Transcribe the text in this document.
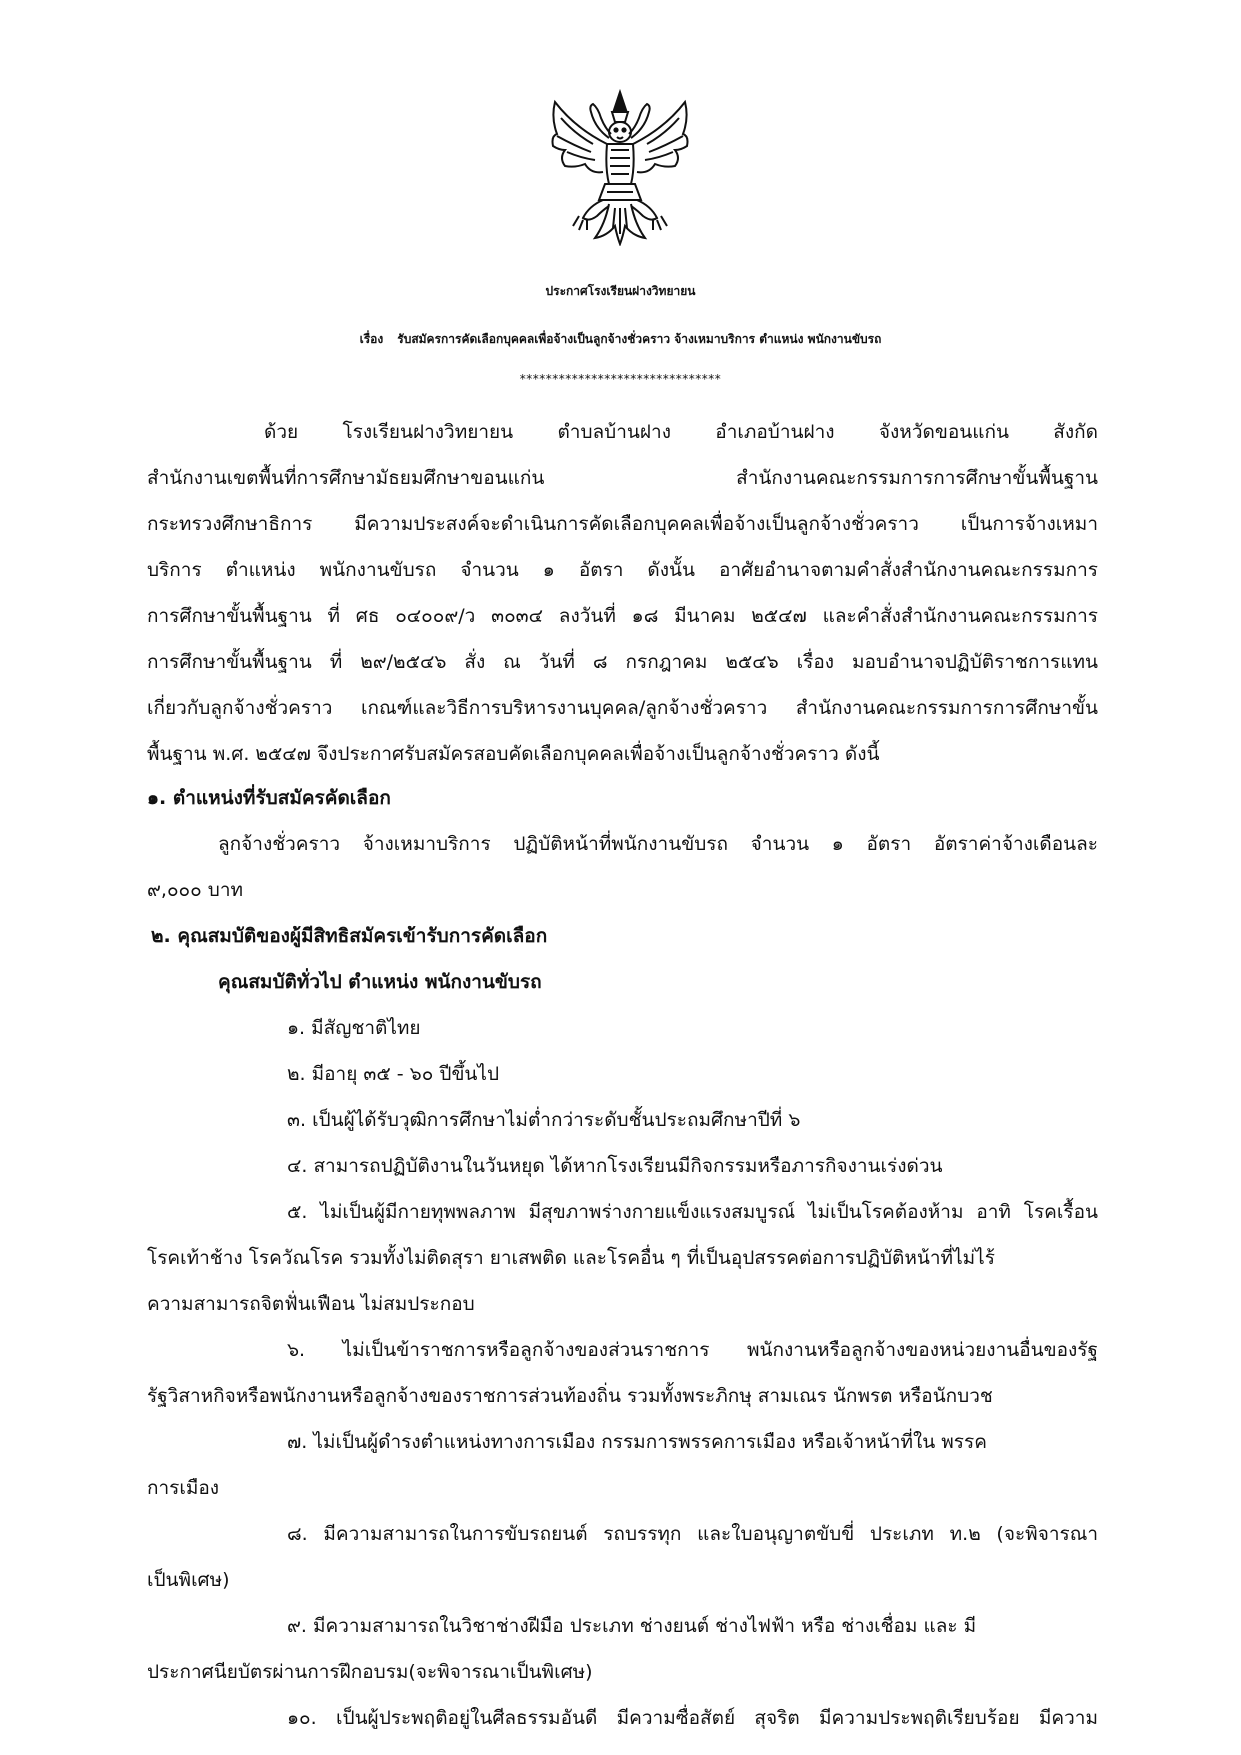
ประกาศโรงเรียนฝางวิทยายน
เรื่อง รับสมัครการคัดเลือกบุคคลเพื่อจ้างเป็นลูกจ้างชั่วคราว จ้างเหมาบริการ ตำแหน่ง พนักงานขับรถ
*******************************
ด้วย โรงเรียนฝางวิทยายน ตำบลบ้านฝาง อำเภอบ้านฝาง จังหวัดขอนแก่น สังกัด
สำนักงานเขตพื้นที่การศึกษามัธยมศึกษาขอนแก่น สำนักงานคณะกรรมการการศึกษาขั้นพื้นฐาน
กระทรวงศึกษาธิการ มีความประสงค์จะดำเนินการคัดเลือกบุคคลเพื่อจ้างเป็นลูกจ้างชั่วคราว เป็นการจ้างเหมา
บริการ ตำแหน่ง พนักงานขับรถ จำนวน ๑ อัตรา ดังนั้น อาศัยอำนาจตามคำสั่งสำนักงานคณะกรรมการ
การศึกษาขั้นพื้นฐาน ที่ ศธ ๐๔๐๐๙/ว ๓๐๓๔ ลงวันที่ ๑๘ มีนาคม ๒๕๔๗ และคำสั่งสำนักงานคณะกรรมการ
การศึกษาขั้นพื้นฐาน ที่ ๒๙/๒๕๔๖ สั่ง ณ วันที่ ๘ กรกฎาคม ๒๕๔๖ เรื่อง มอบอำนาจปฏิบัติราชการแทน
เกี่ยวกับลูกจ้างชั่วคราว เกณฑ์และวิธีการบริหารงานบุคคล/ลูกจ้างชั่วคราว สำนักงานคณะกรรมการการศึกษาขั้น
พื้นฐาน พ.ศ. ๒๕๔๗ จึงประกาศรับสมัครสอบคัดเลือกบุคคลเพื่อจ้างเป็นลูกจ้างชั่วคราว ดังนี้
๑. ตำแหน่งที่รับสมัครคัดเลือก
ลูกจ้างชั่วคราว จ้างเหมาบริการ ปฏิบัติหน้าที่พนักงานขับรถ จำนวน ๑ อัตรา อัตราค่าจ้างเดือนละ
๙,๐๐๐ บาท
๒. คุณสมบัติของผู้มีสิทธิสมัครเข้ารับการคัดเลือก
คุณสมบัติทั่วไป ตำแหน่ง พนักงานขับรถ
๑. มีสัญชาติไทย
๒. มีอายุ ๓๕ - ๖๐ ปีขึ้นไป
๓. เป็นผู้ได้รับวุฒิการศึกษาไม่ต่ำกว่าระดับชั้นประถมศึกษาปีที่ ๖
๔. สามารถปฏิบัติงานในวันหยุด ได้หากโรงเรียนมีกิจกรรมหรือภารกิจงานเร่งด่วน
๕. ไม่เป็นผู้มีกายทุพพลภาพ มีสุขภาพร่างกายแข็งแรงสมบูรณ์ ไม่เป็นโรคต้องห้าม อาทิ โรคเรื้อน
โรคเท้าช้าง โรควัณโรค รวมทั้งไม่ติดสุรา ยาเสพติด และโรคอื่น ๆ ที่เป็นอุปสรรคต่อการปฏิบัติหน้าที่ไม่ไร้
ความสามารถจิตฟั่นเฟือน ไม่สมประกอบ
๖. ไม่เป็นข้าราชการหรือลูกจ้างของส่วนราชการ พนักงานหรือลูกจ้างของหน่วยงานอื่นของรัฐ
รัฐวิสาหกิจหรือพนักงานหรือลูกจ้างของราชการส่วนท้องถิ่น รวมทั้งพระภิกษุ สามเณร นักพรต หรือนักบวช
๗. ไม่เป็นผู้ดำรงตำแหน่งทางการเมือง กรรมการพรรคการเมือง หรือเจ้าหน้าที่ใน พรรค
การเมือง
๘. มีความสามารถในการขับรถยนต์ รถบรรทุก และใบอนุญาตขับขี่ ประเภท ท.๒ (จะพิจารณา
เป็นพิเศษ)
๙. มีความสามารถในวิชาช่างฝีมือ ประเภท ช่างยนต์ ช่างไฟฟ้า หรือ ช่างเชื่อม และ มี
ประกาศนียบัตรผ่านการฝึกอบรม(จะพิจารณาเป็นพิเศษ)
๑๐. เป็นผู้ประพฤติอยู่ในศีลธรรมอันดี มีความซื่อสัตย์ สุจริต มีความประพฤติเรียบร้อย มีความ
